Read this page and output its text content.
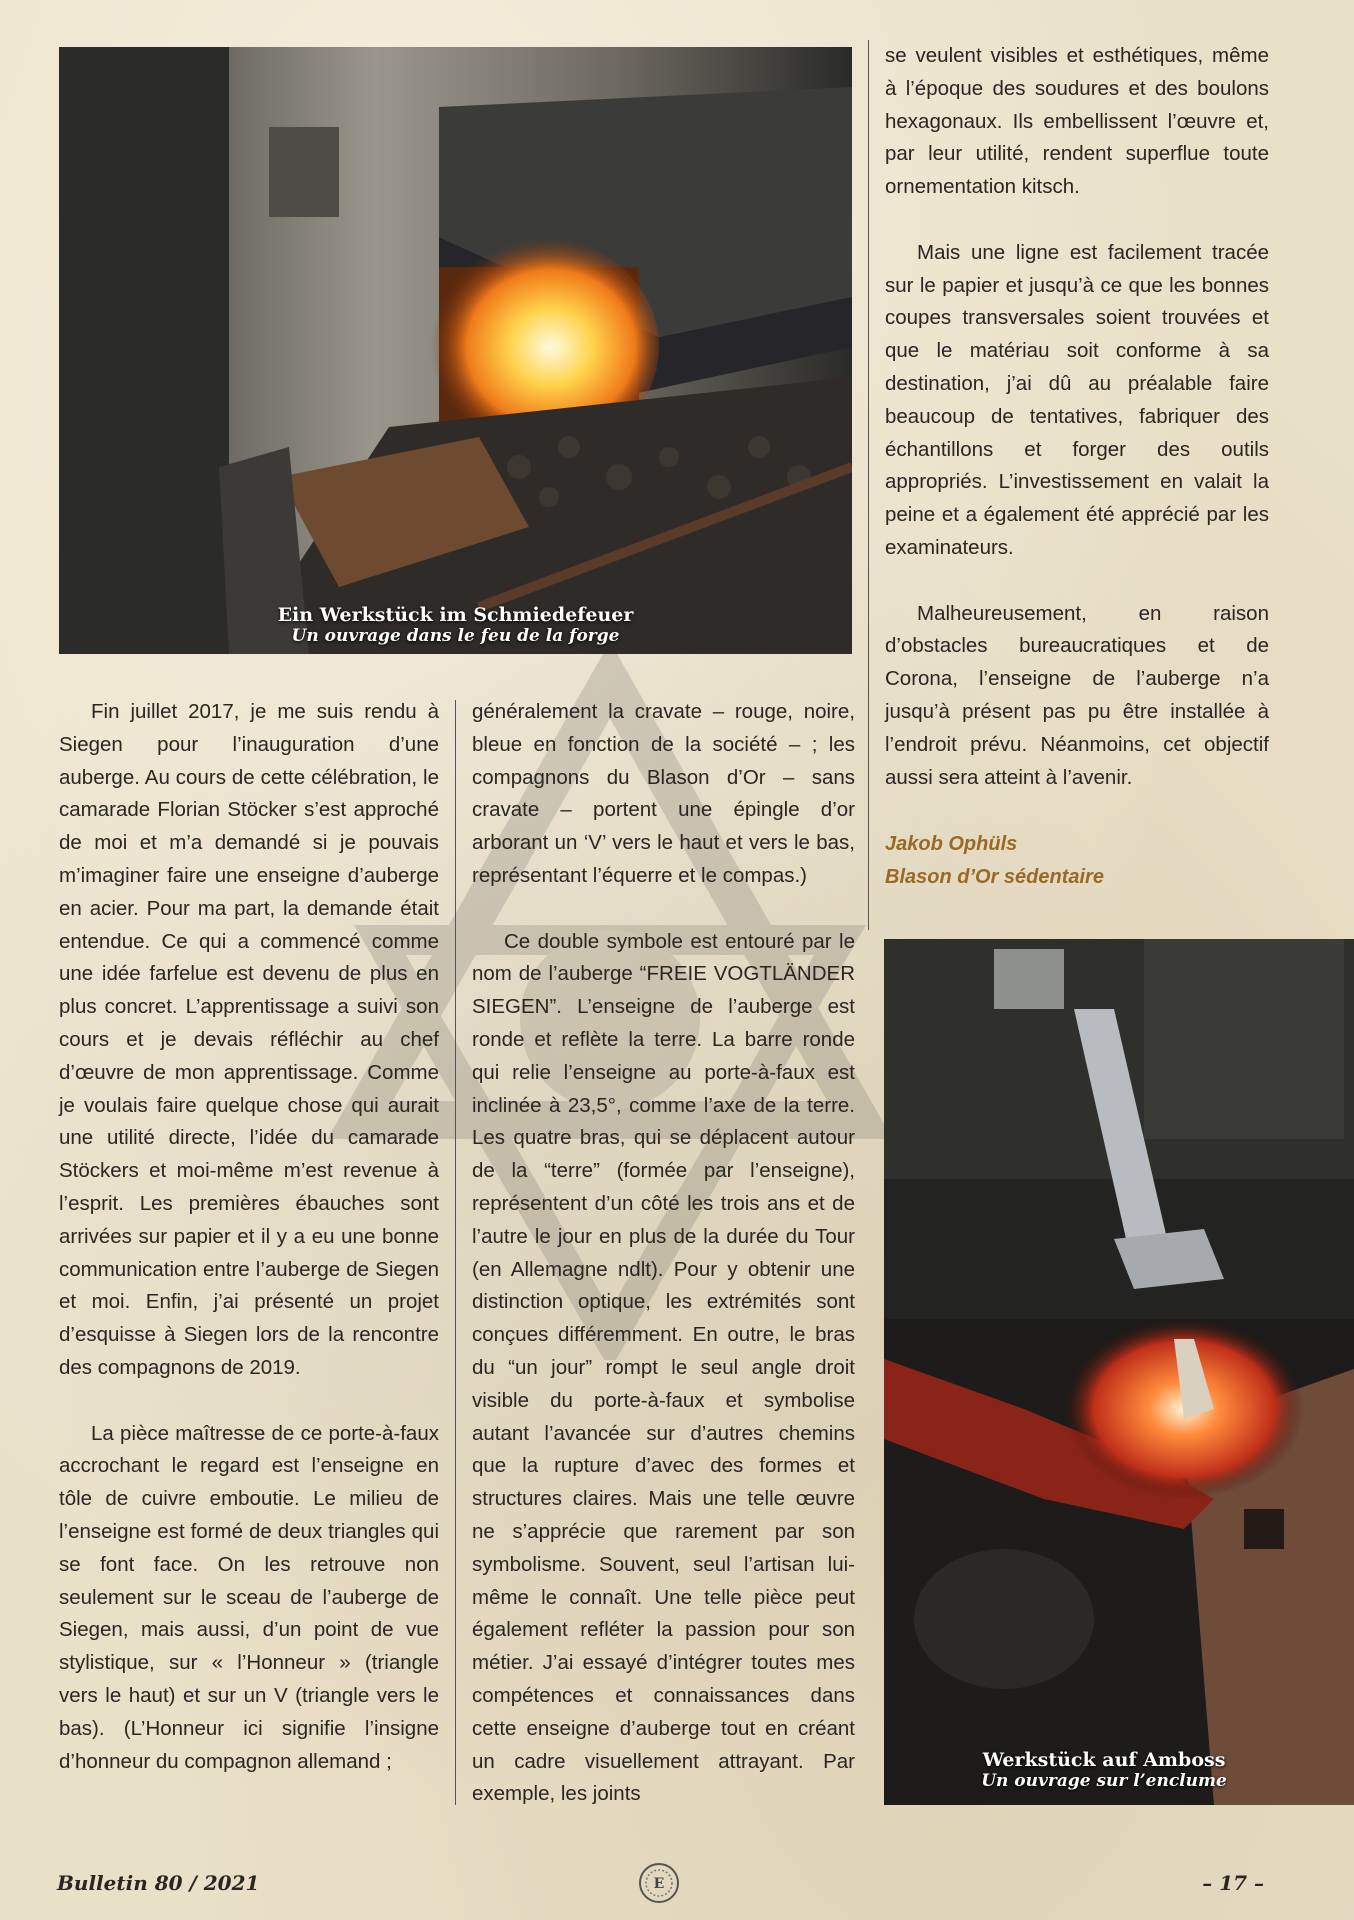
Ein Werkstück im Schmiedefeuer
Un ouvrage dans le feu de la forge
Werkstück auf Amboss
Un ouvrage sur l’enclume

Fin juillet 2017, je me suis rendu à Siegen pour l’inauguration d’une auberge. Au cours de cette célébration, le camarade Florian Stöcker s’est approché de moi et m’a demandé si je pouvais m’imaginer faire une enseigne d’auberge en acier. Pour ma part, la demande était entendue. Ce qui a commencé comme une idée farfelue est devenu de plus en plus concret. L’apprentissage a suivi son cours et je devais réfléchir au chef d’œuvre de mon apprentissage. Comme je voulais faire quelque chose qui aurait une utilité directe, l’idée du camarade Stöckers et moi-même m’est revenue à l’esprit. Les premières ébauches sont arrivées sur papier et il y a eu une bonne communication entre l’auberge de Siegen et moi. Enfin, j’ai présenté un projet d’esquisse à Siegen lors de la rencontre des compagnons de 2019.

La pièce maîtresse de ce porte-à-faux accrochant le regard est l’enseigne en tôle de cuivre emboutie. Le milieu de l’enseigne est formé de deux triangles qui se font face. On les retrouve non seulement sur le sceau de l’auberge de Siegen, mais aussi, d’un point de vue stylistique, sur « l’Honneur » (triangle vers le haut) et sur un V (triangle vers le bas). (L’Honneur ici signifie l’insigne d’honneur du compagnon allemand ;

généralement la cravate – rouge, noire, bleue en fonction de la société – ; les compagnons du Blason d’Or – sans cravate – portent une épingle d’or arborant un ‘V’ vers le haut et vers le bas, représentant l’équerre et le compas.)

Ce double symbole est entouré par le nom de l’auberge “FREIE VOGTLÄNDER SIEGEN”. L’enseigne de l’auberge est ronde et reflète la terre. La barre ronde qui relie l’enseigne au porte-à-faux est inclinée à 23,5°, comme l’axe de la terre. Les quatre bras, qui se déplacent autour de la “terre” (formée par l’enseigne), représentent d’un côté les trois ans et de l’autre le jour en plus de la durée du Tour (en Allemagne ndlt). Pour y obtenir une distinction optique, les extrémités sont conçues différemment. En outre, le bras du “un jour” rompt le seul angle droit visible du porte-à-faux et symbolise autant l’avancée sur d’autres chemins que la rupture d’avec des formes et structures claires. Mais une telle œuvre ne s’apprécie que rarement par son symbolisme. Souvent, seul l’artisan lui-même le connaît. Une telle pièce peut également refléter la passion pour son métier. J’ai essayé d’intégrer toutes mes compétences et connaissances dans cette enseigne d’auberge tout en créant un cadre visuellement attrayant. Par exemple, les joints

se veulent visibles et esthétiques, même à l’époque des soudures et des boulons hexagonaux. Ils embellissent l’œuvre et, par leur utilité, rendent superflue toute ornementation kitsch.

Mais une ligne est facilement tracée sur le papier et jusqu’à ce que les bonnes coupes transversales soient trouvées et que le matériau soit conforme à sa destination, j’ai dû au préalable faire beaucoup de tentatives, fabriquer des échantillons et forger des outils appropriés. L’investissement en valait la peine et a également été apprécié par les examinateurs.

Malheureusement, en raison d’obstacles bureaucratiques et de Corona, l’enseigne de l’auberge n’a jusqu’à présent pas pu être installée à l’endroit prévu. Néanmoins, cet objectif aussi sera atteint à l’avenir.

Jakob Ophüls
Blason d’Or sédentaire
Bulletin 80 / 2021	E	– 17 –
